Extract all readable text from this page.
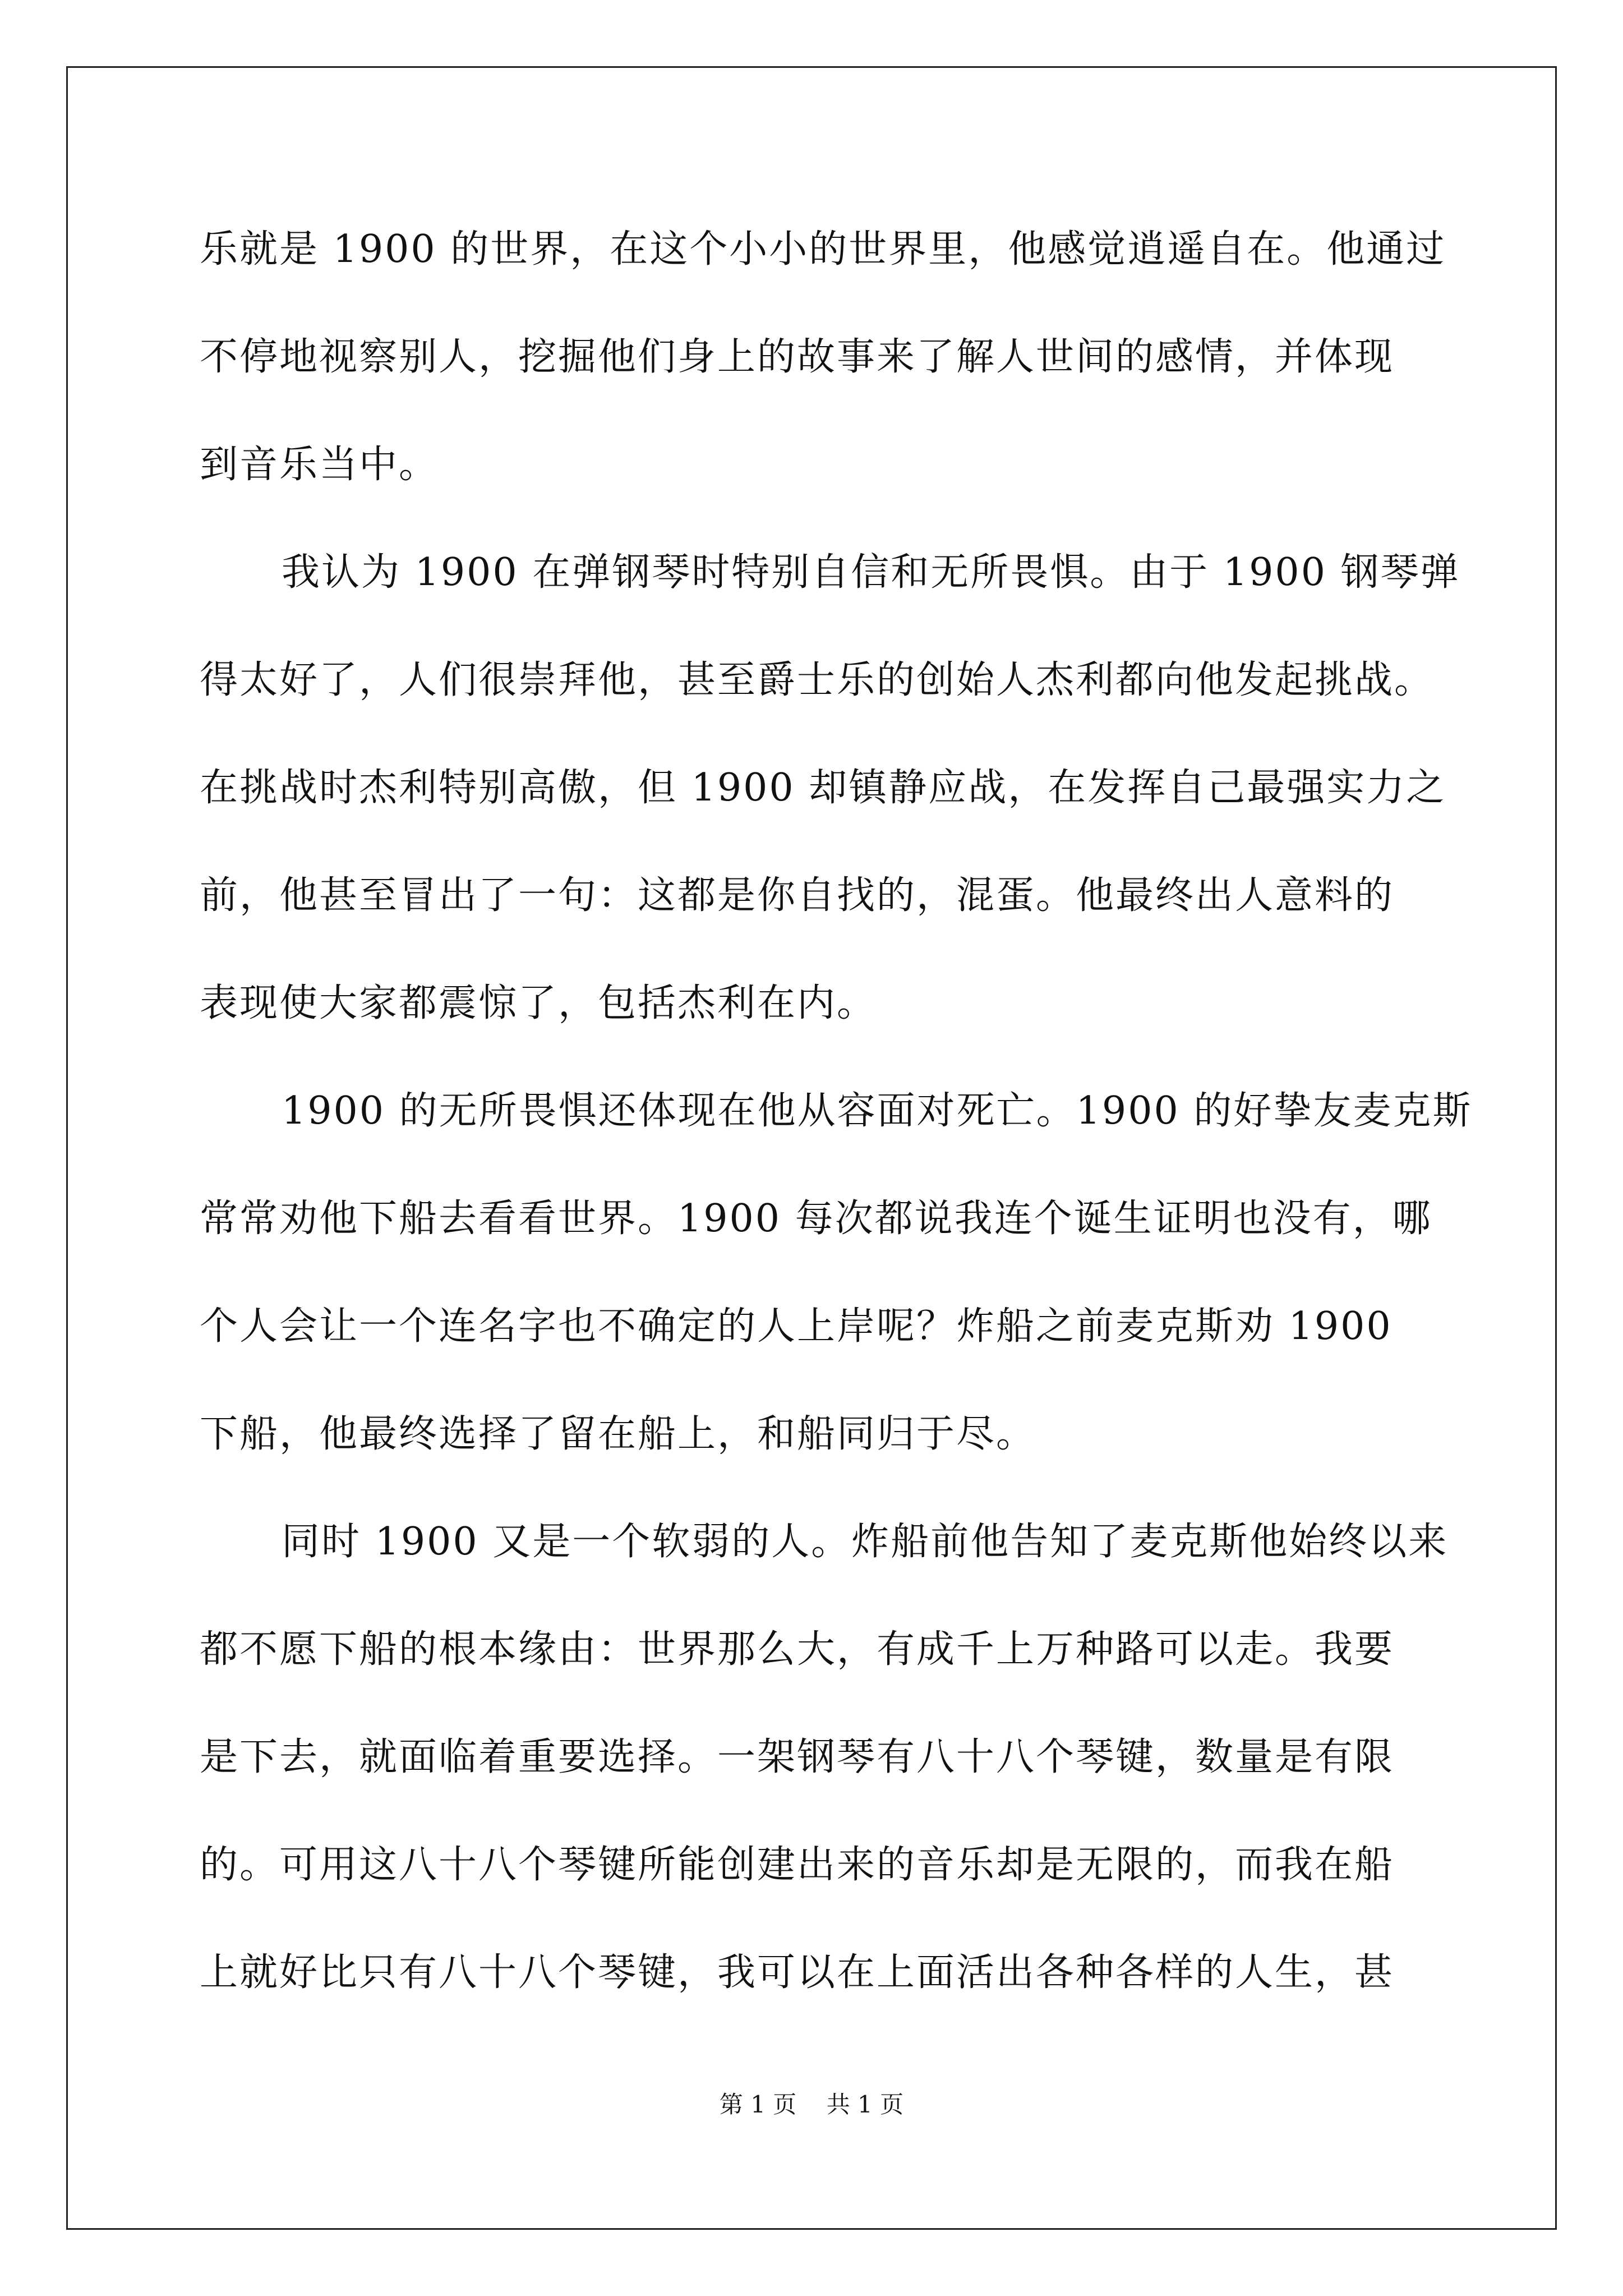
乐就是 1900 的世界，在这个小小的世界里，他感觉逍遥自在。他通过
不停地视察别人，挖掘他们身上的故事来了解人世间的感情，并体现
到音乐当中。
我认为 1900 在弹钢琴时特别自信和无所畏惧。由于 1900 钢琴弹
得太好了，人们很崇拜他，甚至爵士乐的创始人杰利都向他发起挑战。
在挑战时杰利特别高傲，但 1900 却镇静应战，在发挥自己最强实力之
前，他甚至冒出了一句：这都是你自找的，混蛋。他最终出人意料的
表现使大家都震惊了，包括杰利在内。
1900 的无所畏惧还体现在他从容面对死亡。1900 的好挚友麦克斯
常常劝他下船去看看世界。1900 每次都说我连个诞生证明也没有，哪
个人会让一个连名字也不确定的人上岸呢？炸船之前麦克斯劝 1900
下船，他最终选择了留在船上，和船同归于尽。
同时 1900 又是一个软弱的人。炸船前他告知了麦克斯他始终以来
都不愿下船的根本缘由：世界那么大，有成千上万种路可以走。我要
是下去，就面临着重要选择。一架钢琴有八十八个琴键，数量是有限
的。可用这八十八个琴键所能创建出来的音乐却是无限的，而我在船
上就好比只有八十八个琴键，我可以在上面活出各种各样的人生，甚
第 1 页    共 1 页
